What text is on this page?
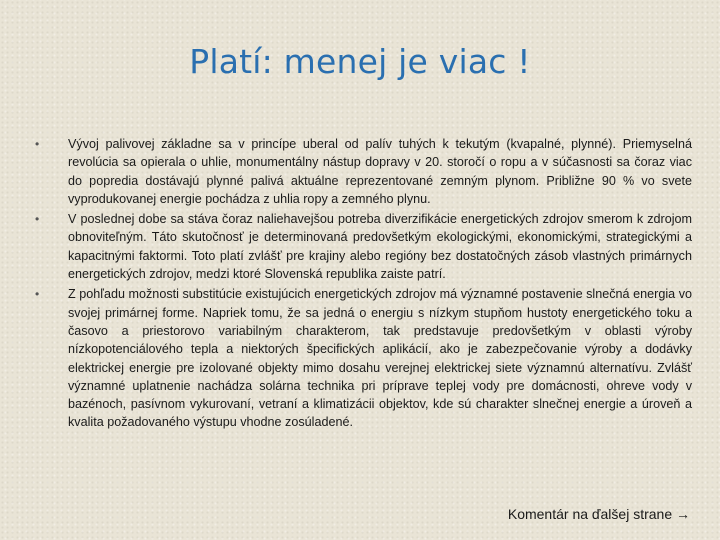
Platí: menej je viac !
• Vývoj palivovej základne sa v princípe uberal od palív tuhých k tekutým (kvapalné, plynné). Priemyselná revolúcia sa opierala o uhlie, monumentálny nástup dopravy v 20. storočí o ropu a v súčasnosti sa čoraz viac do popredia dostávajú plynné palivá aktuálne reprezentované zemným plynom. Približne 90 % vo svete vyprodukovanej energie pochádza z uhlia ropy a zemného plynu.
• V poslednej dobe sa stáva čoraz naliehavejšou potreba diverzifikácie energetických zdrojov smerom k zdrojom obnoviteľným. Táto skutočnosť je determinovaná predovšetkým ekologickými, ekonomickými, strategickými a kapacitnými faktormi. Toto platí zvlášť pre krajiny alebo regióny bez dostatočných zásob vlastných primárnych energetických zdrojov, medzi ktoré Slovenská republika zaiste patrí.
• Z pohľadu možnosti substitúcie existujúcich energetických zdrojov má významné postavenie slnečná energia vo svojej primárnej forme. Napriek tomu, že sa jedná o energiu s nízkym stupňom hustoty energetického toku a časovo a priestorovo variabilným charakterom, tak predstavuje predovšetkým v oblasti výroby nízkopotenciálového tepla a niektorých špecifických aplikácií, ako je zabezpečovanie výroby a dodávky elektrickej energie pre izolované objekty mimo dosahu verejnej elektrickej siete významnú alternatívu. Zvlášť významné uplatnenie nachádza solárna technika pri príprave teplej vody pre domácnosti, ohreve vody v bazénoch, pasívnom vykurovaní, vetraní a klimatizácii objektov, kde sú charakter slnečnej energie a úroveň a kvalita požadovaného výstupu vhodne zosúladené.
Komentár na ďalšej strane →
